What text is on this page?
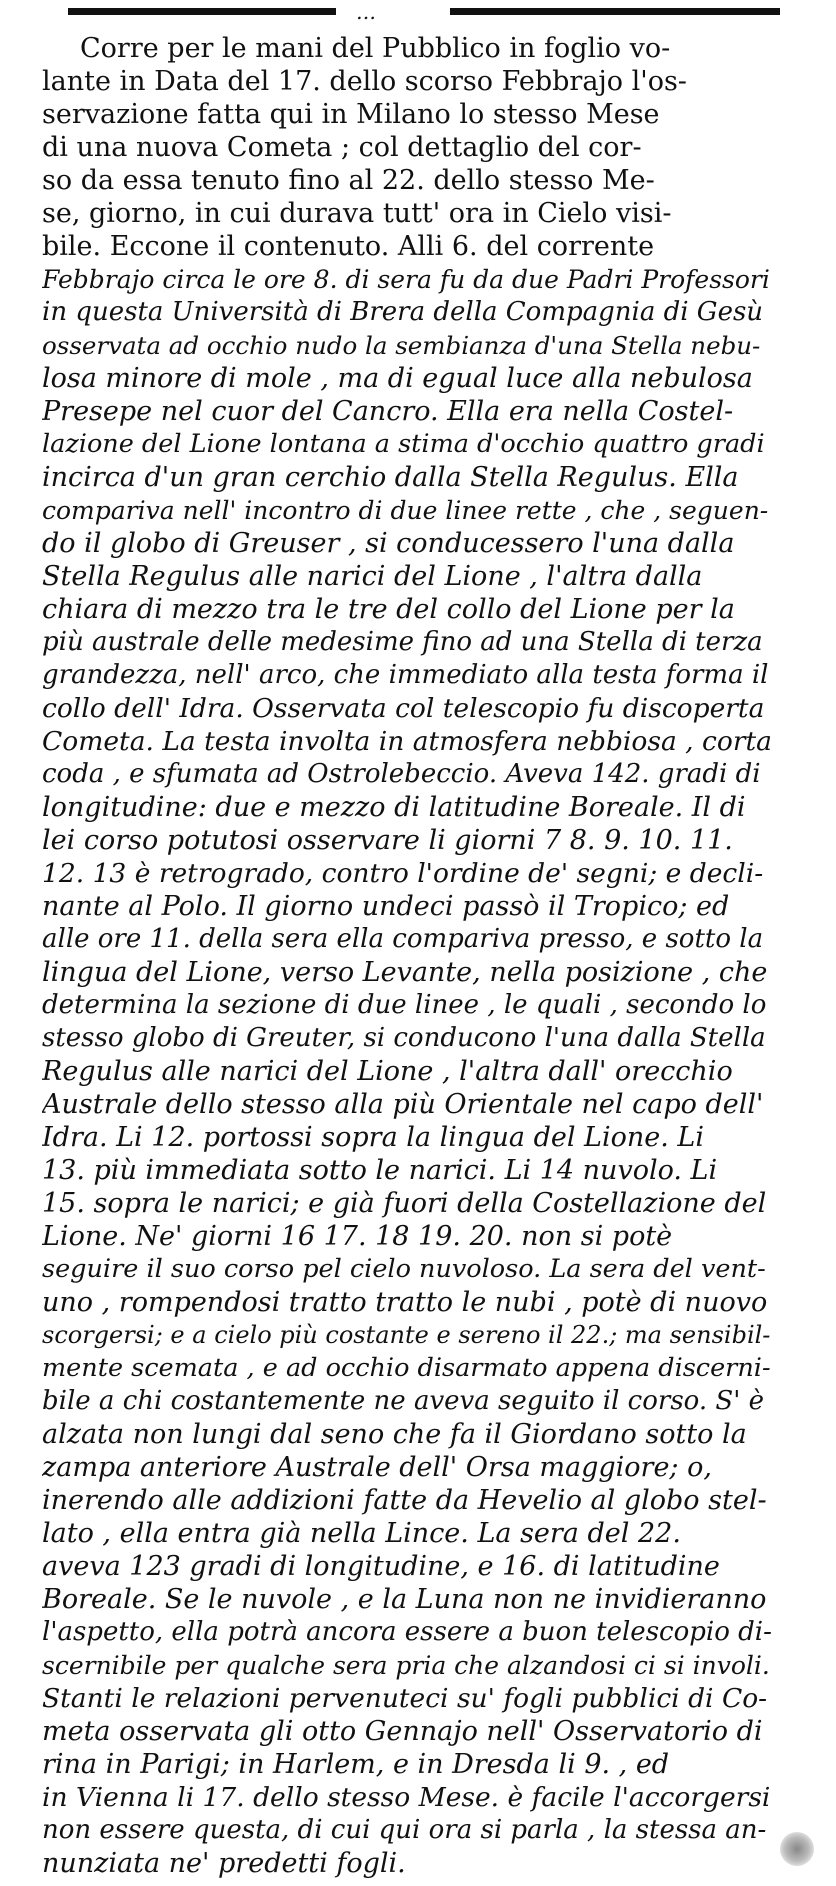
…
Corre per le mani del Pubblico in foglio vo-
lante in Data del 17. dello scorso Febbrajo l'os-
servazione fatta qui in Milano lo stesso Mese
di una nuova Cometa ; col dettaglio del cor-
so da essa tenuto fino al 22. dello stesso Me-
se, giorno, in cui durava tutt' ora in Cielo visi-
bile. Eccone il contenuto. Alli 6. del corrente
Febbrajo circa le ore 8. di sera fu da due Padri Professori
in questa Università di Brera della Compagnia di Gesù
osservata ad occhio nudo la sembianza d'una Stella nebu-
losa minore di mole , ma di egual luce alla nebulosa
Presepe nel cuor del Cancro. Ella era nella Costel-
lazione del Lione lontana a stima d'occhio quattro gradi
incirca d'un gran cerchio dalla Stella Regulus. Ella
compariva nell' incontro di due linee rette , che , seguen-
do il globo di Greuser , si conducessero l'una dalla
Stella Regulus alle narici del Lione , l'altra dalla
chiara di mezzo tra le tre del collo del Lione per la
più australe delle medesime fino ad una Stella di terza
grandezza, nell' arco, che immediato alla testa forma il
collo dell' Idra. Osservata col telescopio fu discoperta
Cometa. La testa involta in atmosfera nebbiosa , corta
coda , e sfumata ad Ostrolebeccio. Aveva 142. gradi di
longitudine: due e mezzo di latitudine Boreale. Il di
lei corso potutosi osservare li giorni 7 8. 9. 10. 11.
12. 13 è retrogrado, contro l'ordine de' segni; e decli-
nante al Polo. Il giorno undeci passò il Tropico; ed
alle ore 11. della sera ella compariva presso, e sotto la
lingua del Lione, verso Levante, nella posizione , che
determina la sezione di due linee , le quali , secondo lo
stesso globo di Greuter, si conducono l'una dalla Stella
Regulus alle narici del Lione , l'altra dall' orecchio
Australe dello stesso alla più Orientale nel capo dell'
Idra. Li 12. portossi sopra la lingua del Lione. Li
13. più immediata sotto le narici. Li 14 nuvolo. Li
15. sopra le narici; e già fuori della Costellazione del
Lione. Ne' giorni 16 17. 18 19. 20. non si potè
seguire il suo corso pel cielo nuvoloso. La sera del vent-
uno , rompendosi tratto tratto le nubi , potè di nuovo
scorgersi; e a cielo più costante e sereno il 22.; ma sensibil-
mente scemata , e ad occhio disarmato appena discerni-
bile a chi costantemente ne aveva seguito il corso. S' è
alzata non lungi dal seno che fa il Giordano sotto la
zampa anteriore Australe dell' Orsa maggiore; o,
inerendo alle addizioni fatte da Hevelio al globo stel-
lato , ella entra già nella Lince. La sera del 22.
aveva 123 gradi di longitudine, e 16. di latitudine
Boreale. Se le nuvole , e la Luna non ne invidieranno
l'aspetto, ella potrà ancora essere a buon telescopio di-
scernibile per qualche sera pria che alzandosi ci si involi.
Stanti le relazioni pervenuteci su' fogli pubblici di Co-
meta osservata gli otto Gennajo nell' Osservatorio di
rina in Parigi; in Harlem, e in Dresda li 9. , ed
in Vienna li 17. dello stesso Mese. è facile l'accorgersi
non essere questa, di cui qui ora si parla , la stessa an-
nunziata ne' predetti fogli.
